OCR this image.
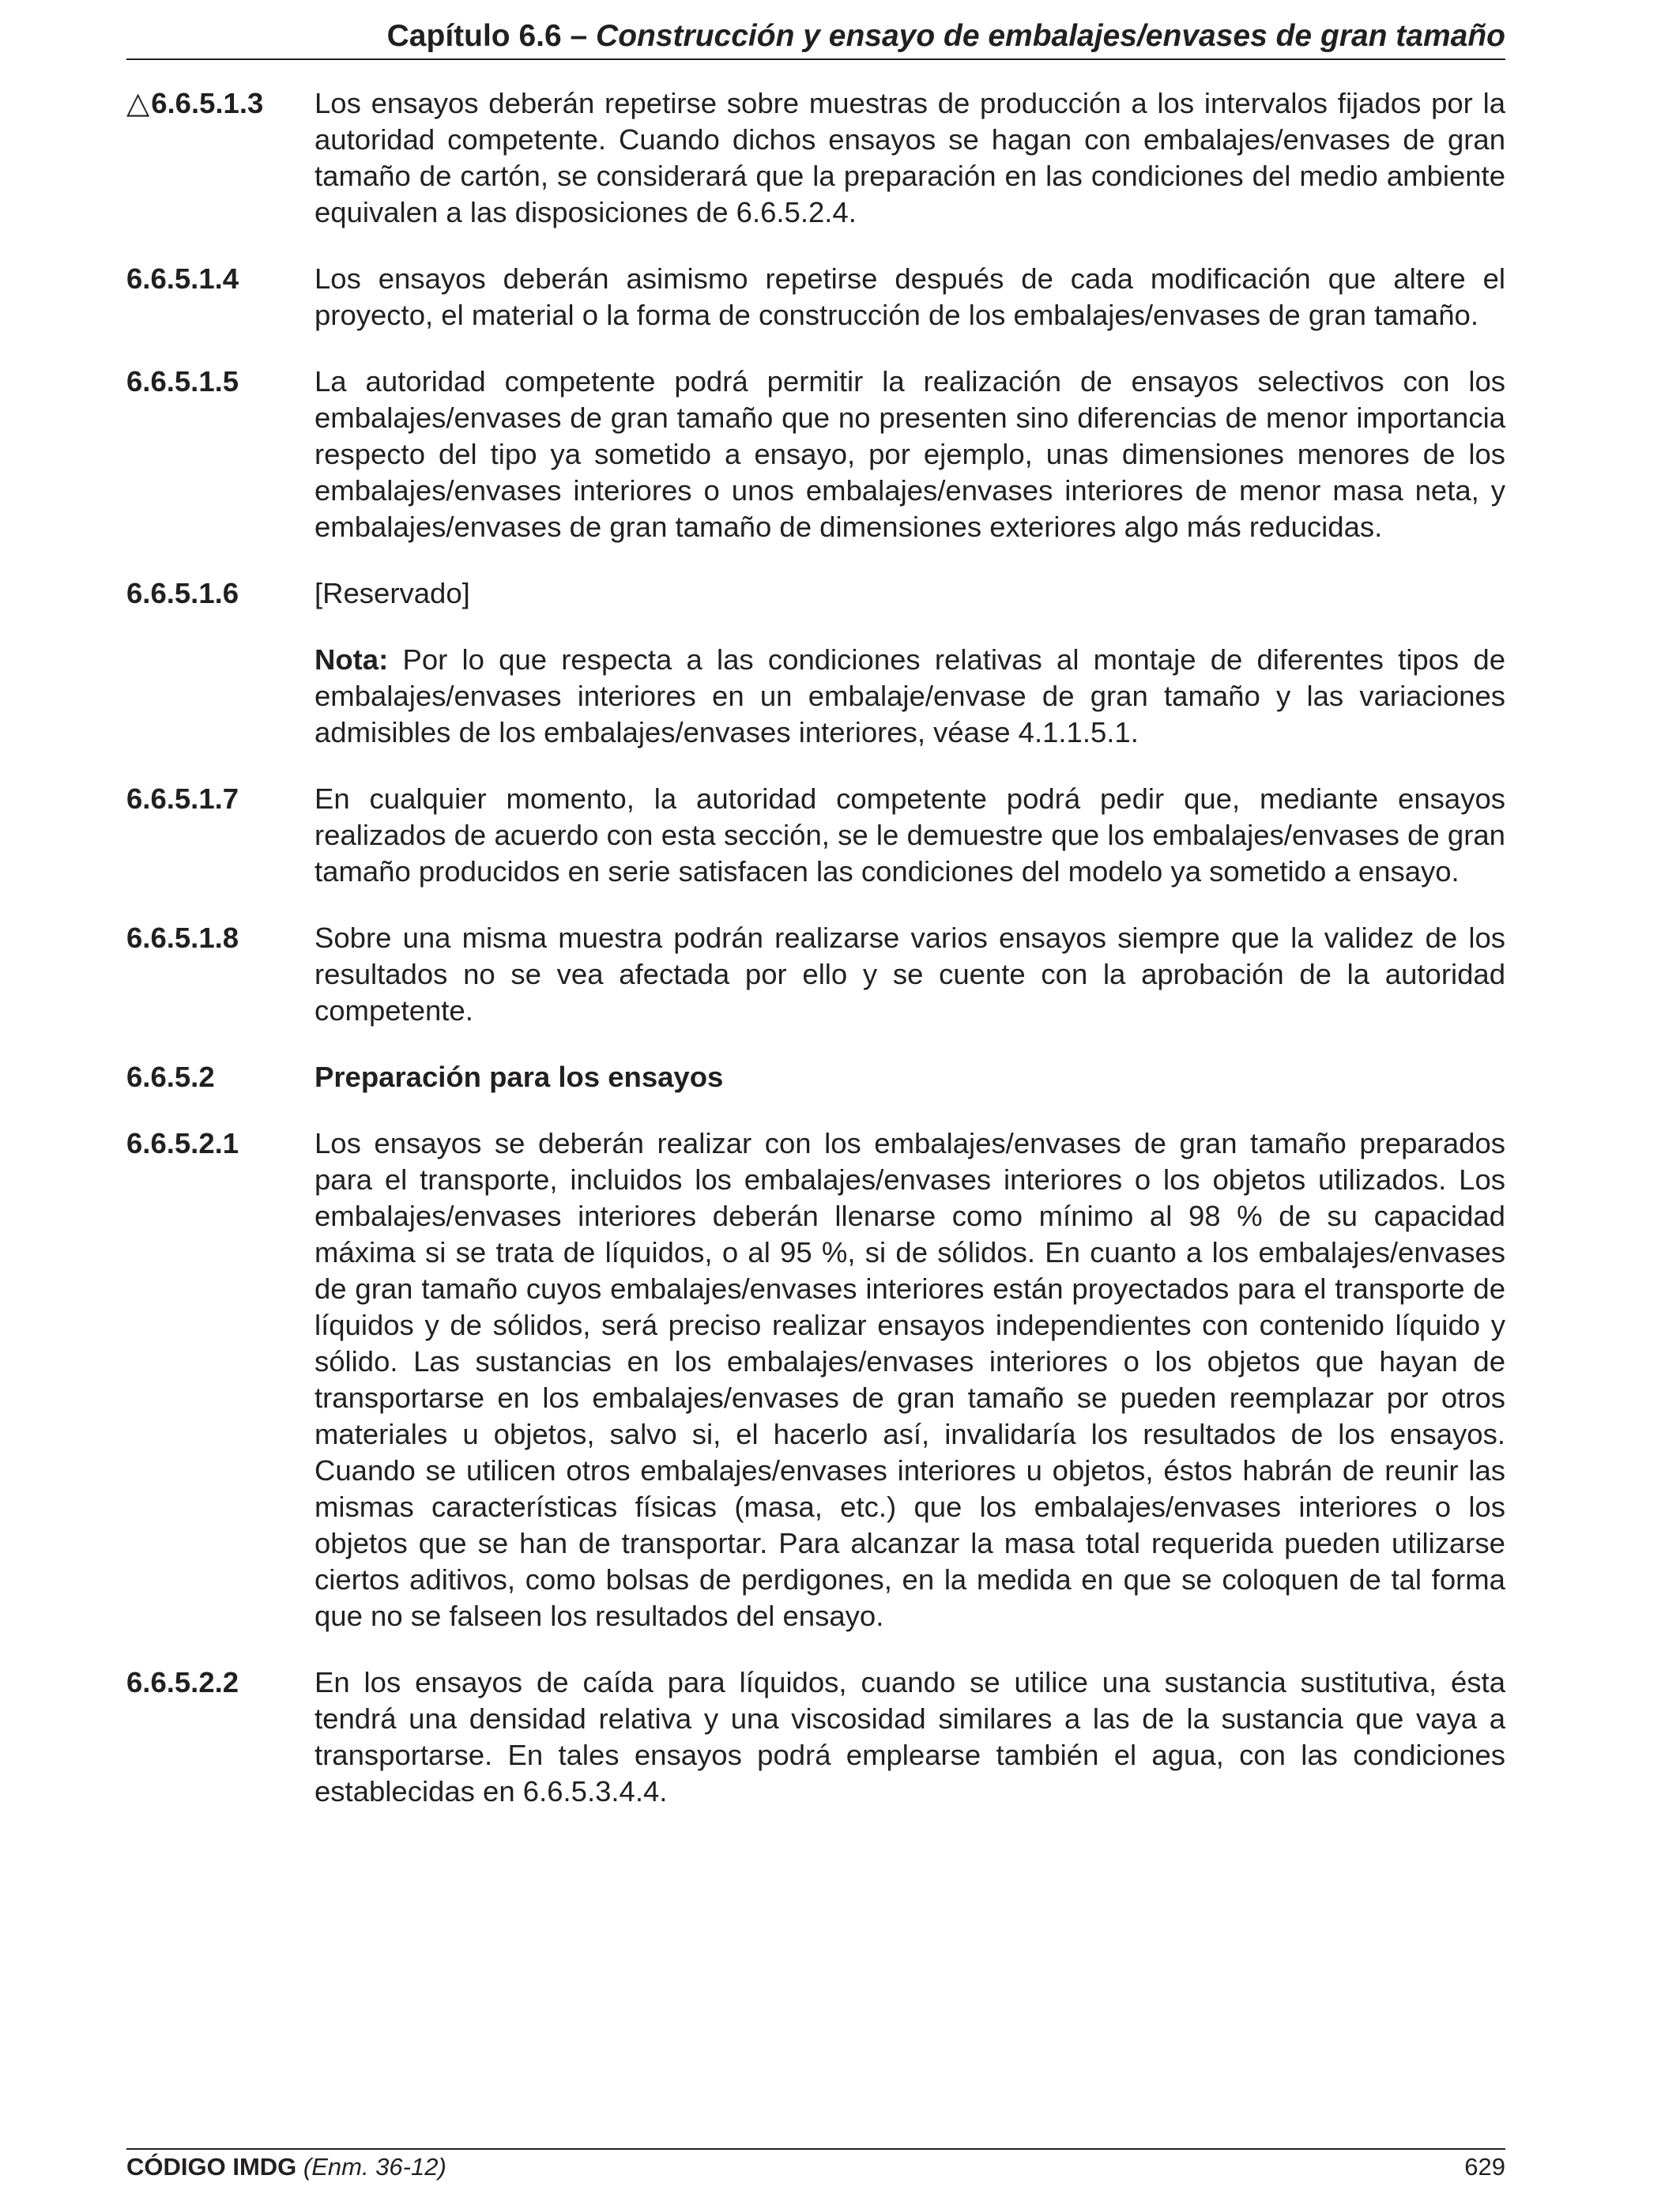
Capítulo 6.6 – Construcción y ensayo de embalajes/envases de gran tamaño
△6.6.5.1.3	Los ensayos deberán repetirse sobre muestras de producción a los intervalos fijados por la autoridad competente. Cuando dichos ensayos se hagan con embalajes/envases de gran tamaño de cartón, se considerará que la preparación en las condiciones del medio ambiente equivalen a las disposiciones de 6.6.5.2.4.
6.6.5.1.4	Los ensayos deberán asimismo repetirse después de cada modificación que altere el proyecto, el material o la forma de construcción de los embalajes/envases de gran tamaño.
6.6.5.1.5	La autoridad competente podrá permitir la realización de ensayos selectivos con los embalajes/envases de gran tamaño que no presenten sino diferencias de menor importancia respecto del tipo ya sometido a ensayo, por ejemplo, unas dimensiones menores de los embalajes/envases interiores o unos embalajes/envases interiores de menor masa neta, y embalajes/envases de gran tamaño de dimensiones exteriores algo más reducidas.
6.6.5.1.6	[Reservado]
Nota: Por lo que respecta a las condiciones relativas al montaje de diferentes tipos de embalajes/envases interiores en un embalaje/envase de gran tamaño y las variaciones admisibles de los embalajes/envases interiores, véase 4.1.1.5.1.
6.6.5.1.7	En cualquier momento, la autoridad competente podrá pedir que, mediante ensayos realizados de acuerdo con esta sección, se le demuestre que los embalajes/envases de gran tamaño producidos en serie satisfacen las condiciones del modelo ya sometido a ensayo.
6.6.5.1.8	Sobre una misma muestra podrán realizarse varios ensayos siempre que la validez de los resultados no se vea afectada por ello y se cuente con la aprobación de la autoridad competente.
6.6.5.2	Preparación para los ensayos
6.6.5.2.1	Los ensayos se deberán realizar con los embalajes/envases de gran tamaño preparados para el transporte, incluidos los embalajes/envases interiores o los objetos utilizados. Los embalajes/envases interiores deberán llenarse como mínimo al 98 % de su capacidad máxima si se trata de líquidos, o al 95 %, si de sólidos. En cuanto a los embalajes/envases de gran tamaño cuyos embalajes/envases interiores están proyectados para el transporte de líquidos y de sólidos, será preciso realizar ensayos independientes con contenido líquido y sólido. Las sustancias en los embalajes/envases interiores o los objetos que hayan de transportarse en los embalajes/envases de gran tamaño se pueden reemplazar por otros materiales u objetos, salvo si, el hacerlo así, invalidaría los resultados de los ensayos. Cuando se utilicen otros embalajes/envases interiores u objetos, éstos habrán de reunir las mismas características físicas (masa, etc.) que los embalajes/envases interiores o los objetos que se han de transportar. Para alcanzar la masa total requerida pueden utilizarse ciertos aditivos, como bolsas de perdigones, en la medida en que se coloquen de tal forma que no se falseen los resultados del ensayo.
6.6.5.2.2	En los ensayos de caída para líquidos, cuando se utilice una sustancia sustitutiva, ésta tendrá una densidad relativa y una viscosidad similares a las de la sustancia que vaya a transportarse. En tales ensayos podrá emplearse también el agua, con las condiciones establecidas en 6.6.5.3.4.4.
CÓDIGO IMDG (Enm. 36-12)	629
